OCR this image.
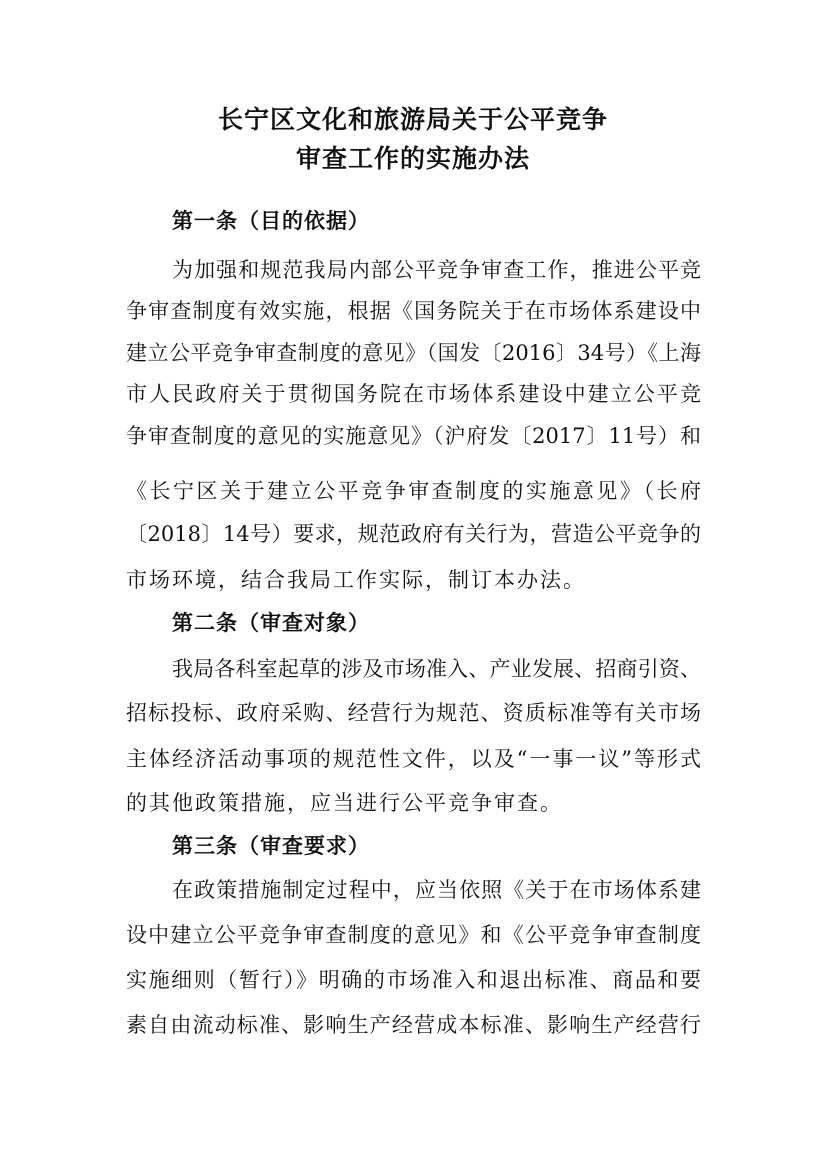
长宁区文化和旅游局关于公平竞争
审查工作的实施办法
第一条（目的依据）
为加强和规范我局内部公平竞争审查工作，推进公平竞
争审查制度有效实施，根据《国务院关于在市场体系建设中
建立公平竞争审查制度的意见》（国发〔2016〕34号）《上海
市人民政府关于贯彻国务院在市场体系建设中建立公平竞
争审查制度的意见的实施意见》（沪府发〔2017〕11号）和
《长宁区关于建立公平竞争审查制度的实施意见》（长府
〔2018〕14号）要求，规范政府有关行为，营造公平竞争的
市场环境，结合我局工作实际，制订本办法。
第二条（审查对象）
我局各科室起草的涉及市场准入、产业发展、招商引资、
招标投标、政府采购、经营行为规范、资质标准等有关市场
主体经济活动事项的规范性文件，以及“一事一议”等形式
的其他政策措施，应当进行公平竞争审查。
第三条（审查要求）
在政策措施制定过程中，应当依照《关于在市场体系建
设中建立公平竞争审查制度的意见》和《公平竞争审查制度
实施细则（暂行）》明确的市场准入和退出标准、商品和要
素自由流动标准、影响生产经营成本标准、影响生产经营行
